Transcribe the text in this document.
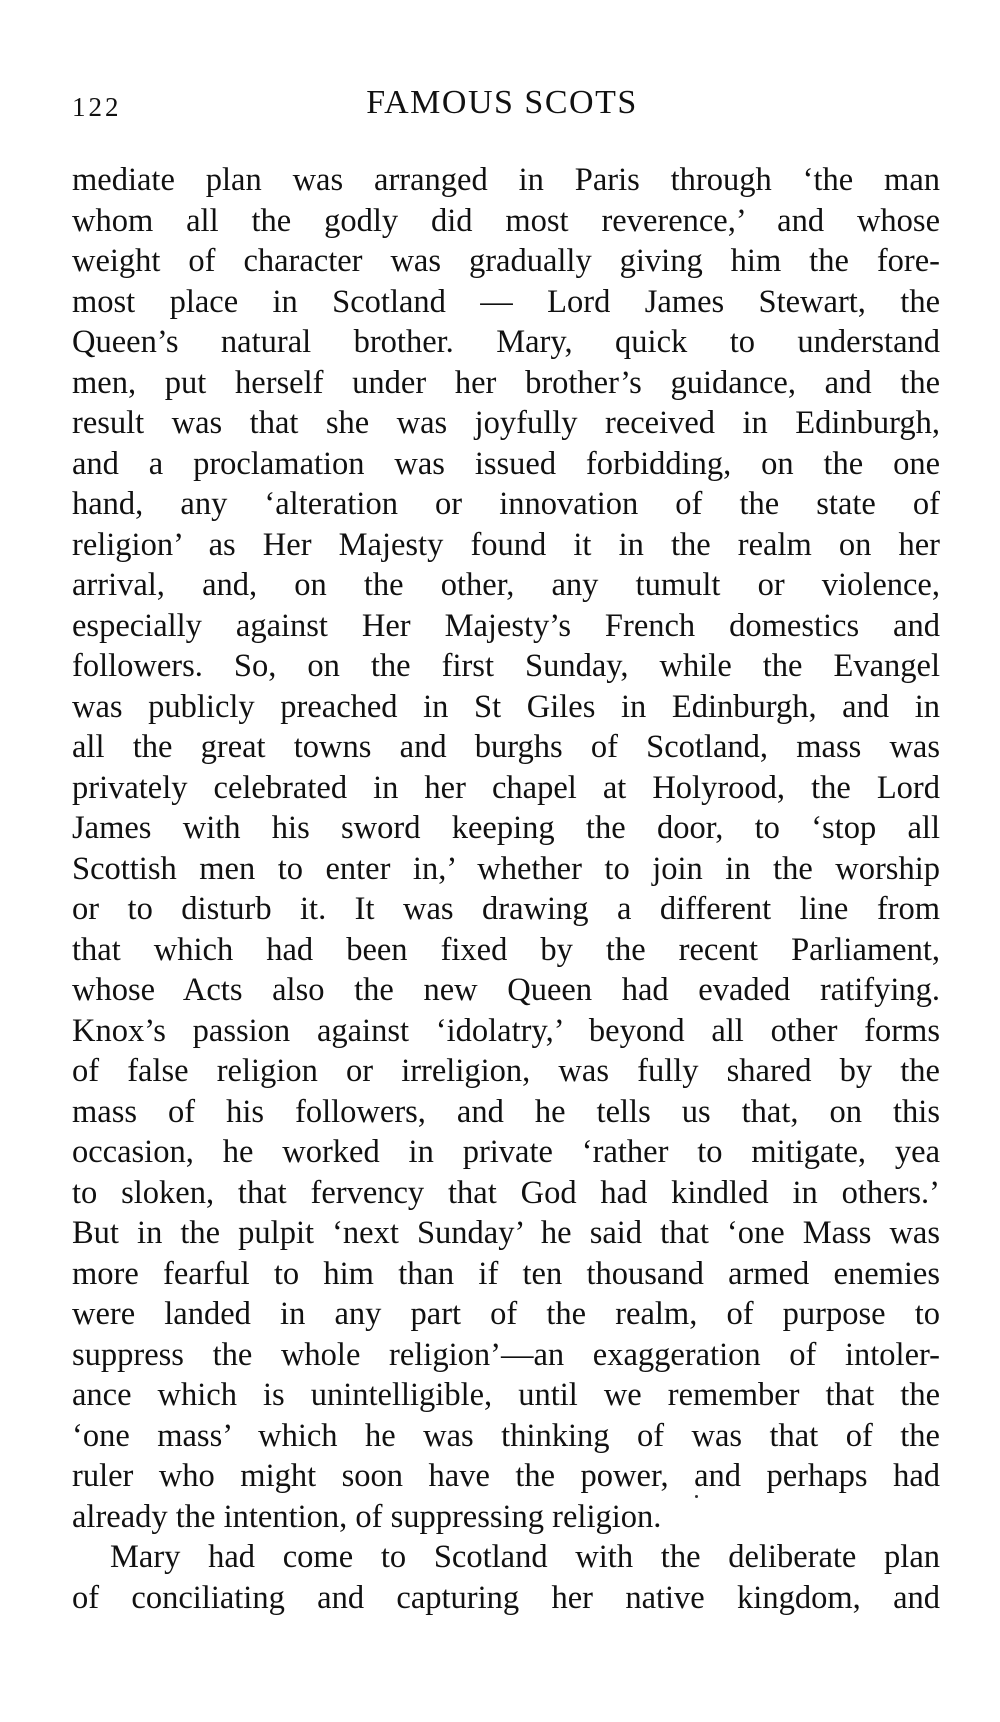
122	FAMOUS SCOTS
mediate plan was arranged in Paris through ‘the man
whom all the godly did most reverence,’ and whose
weight of character was gradually giving him the fore-
most place in Scotland — Lord James Stewart, the
Queen’s natural brother. Mary, quick to understand
men, put herself under her brother’s guidance, and the
result was that she was joyfully received in Edinburgh,
and a proclamation was issued forbidding, on the one
hand, any ‘alteration or innovation of the state of
religion’ as Her Majesty found it in the realm on her
arrival, and, on the other, any tumult or violence,
especially against Her Majesty’s French domestics and
followers. So, on the first Sunday, while the Evangel
was publicly preached in St Giles in Edinburgh, and in
all the great towns and burghs of Scotland, mass was
privately celebrated in her chapel at Holyrood, the Lord
James with his sword keeping the door, to ‘stop all
Scottish men to enter in,’ whether to join in the worship
or to disturb it. It was drawing a different line from
that which had been fixed by the recent Parliament,
whose Acts also the new Queen had evaded ratifying.
Knox’s passion against ‘idolatry,’ beyond all other forms
of false religion or irreligion, was fully shared by the
mass of his followers, and he tells us that, on this
occasion, he worked in private ‘rather to mitigate, yea
to sloken, that fervency that God had kindled in others.’
But in the pulpit ‘next Sunday’ he said that ‘one Mass was
more fearful to him than if ten thousand armed enemies
were landed in any part of the realm, of purpose to
suppress the whole religion’—an exaggeration of intoler-
ance which is unintelligible, until we remember that the
‘one mass’ which he was thinking of was that of the
ruler who might soon have the power, and perhaps had
already the intention, of suppressing religion.
Mary had come to Scotland with the deliberate plan
of conciliating and capturing her native kingdom, and
